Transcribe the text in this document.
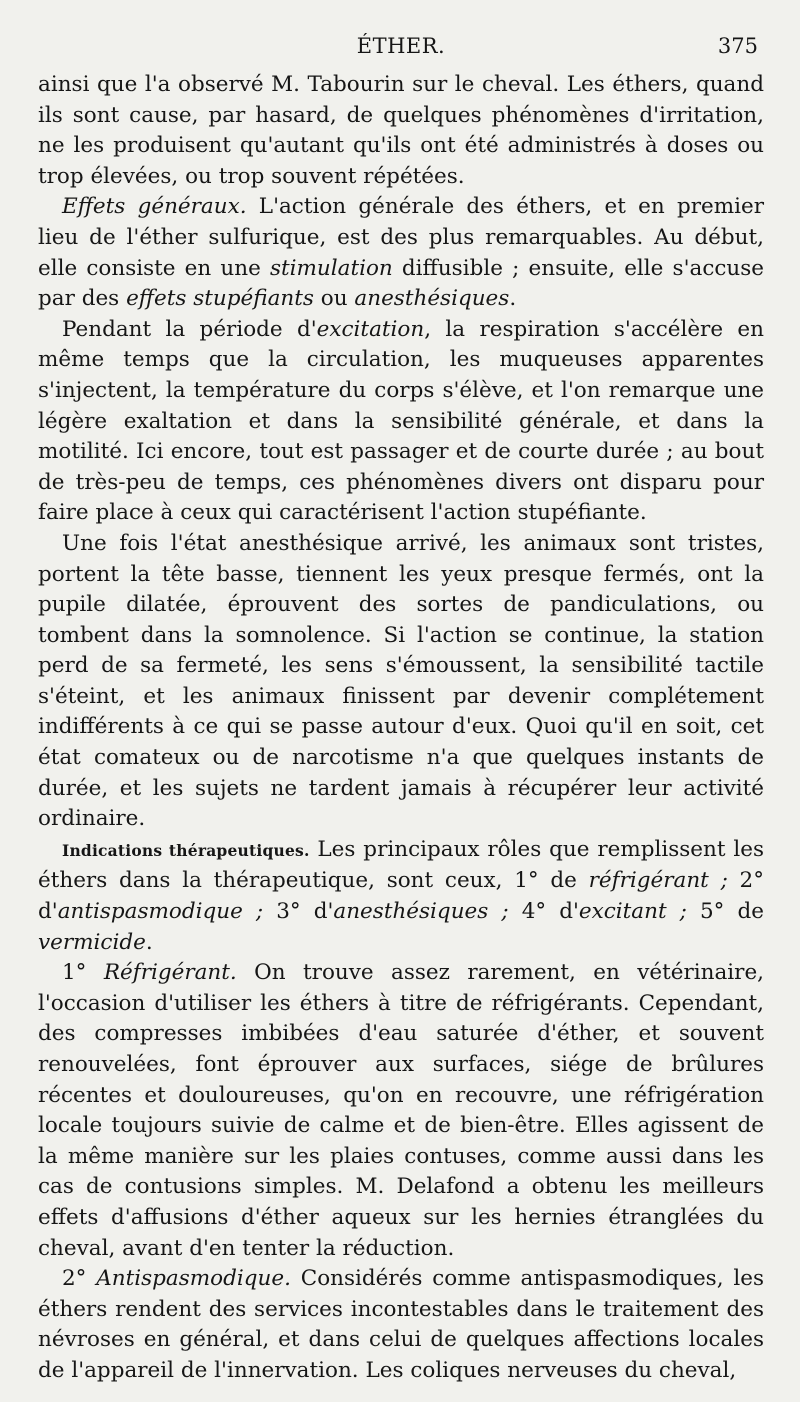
ÉTHER.	375

ainsi que l'a observé M. Tabourin sur le cheval. Les éthers, quand ils sont cause, par hasard, de quelques phénomènes d'irritation, ne les produisent qu'autant qu'ils ont été administrés à doses ou trop élevées, ou trop souvent répétées.

Effets généraux. L'action générale des éthers, et en premier lieu de l'éther sulfurique, est des plus remarquables. Au début, elle consiste en une stimulation diffusible ; ensuite, elle s'accuse par des effets stupéfiants ou anesthésiques.

Pendant la période d'excitation, la respiration s'accélère en même temps que la circulation, les muqueuses apparentes s'injectent, la température du corps s'élève, et l'on remarque une légère exaltation et dans la sensibilité générale, et dans la motilité. Ici encore, tout est passager et de courte durée ; au bout de très-peu de temps, ces phénomènes divers ont disparu pour faire place à ceux qui caractérisent l'action stupéfiante.

Une fois l'état anesthésique arrivé, les animaux sont tristes, portent la tête basse, tiennent les yeux presque fermés, ont la pupile dilatée, éprouvent des sortes de pandiculations, ou tombent dans la somnolence. Si l'action se continue, la station perd de sa fermeté, les sens s'émoussent, la sensibilité tactile s'éteint, et les animaux finissent par devenir complétement indifférents à ce qui se passe autour d'eux. Quoi qu'il en soit, cet état comateux ou de narcotisme n'a que quelques instants de durée, et les sujets ne tardent jamais à récupérer leur activité ordinaire.

Indications thérapeutiques. Les principaux rôles que remplissent les éthers dans la thérapeutique, sont ceux, 1° de réfrigérant ; 2° d'antispasmodique ; 3° d'anesthésiques ; 4° d'excitant ; 5° de vermicide.

1° Réfrigérant. On trouve assez rarement, en vétérinaire, l'occasion d'utiliser les éthers à titre de réfrigérants. Cependant, des compresses imbibées d'eau saturée d'éther, et souvent renouvelées, font éprouver aux surfaces, siége de brûlures récentes et douloureuses, qu'on en recouvre, une réfrigération locale toujours suivie de calme et de bien-être. Elles agissent de la même manière sur les plaies contuses, comme aussi dans les cas de contusions simples. M. Delafond a obtenu les meilleurs effets d'affusions d'éther aqueux sur les hernies étranglées du cheval, avant d'en tenter la réduction.

2° Antispasmodique. Considérés comme antispasmodiques, les éthers rendent des services incontestables dans le traitement des névroses en général, et dans celui de quelques affections locales de l'appareil de l'innervation. Les coliques nerveuses du cheval,
